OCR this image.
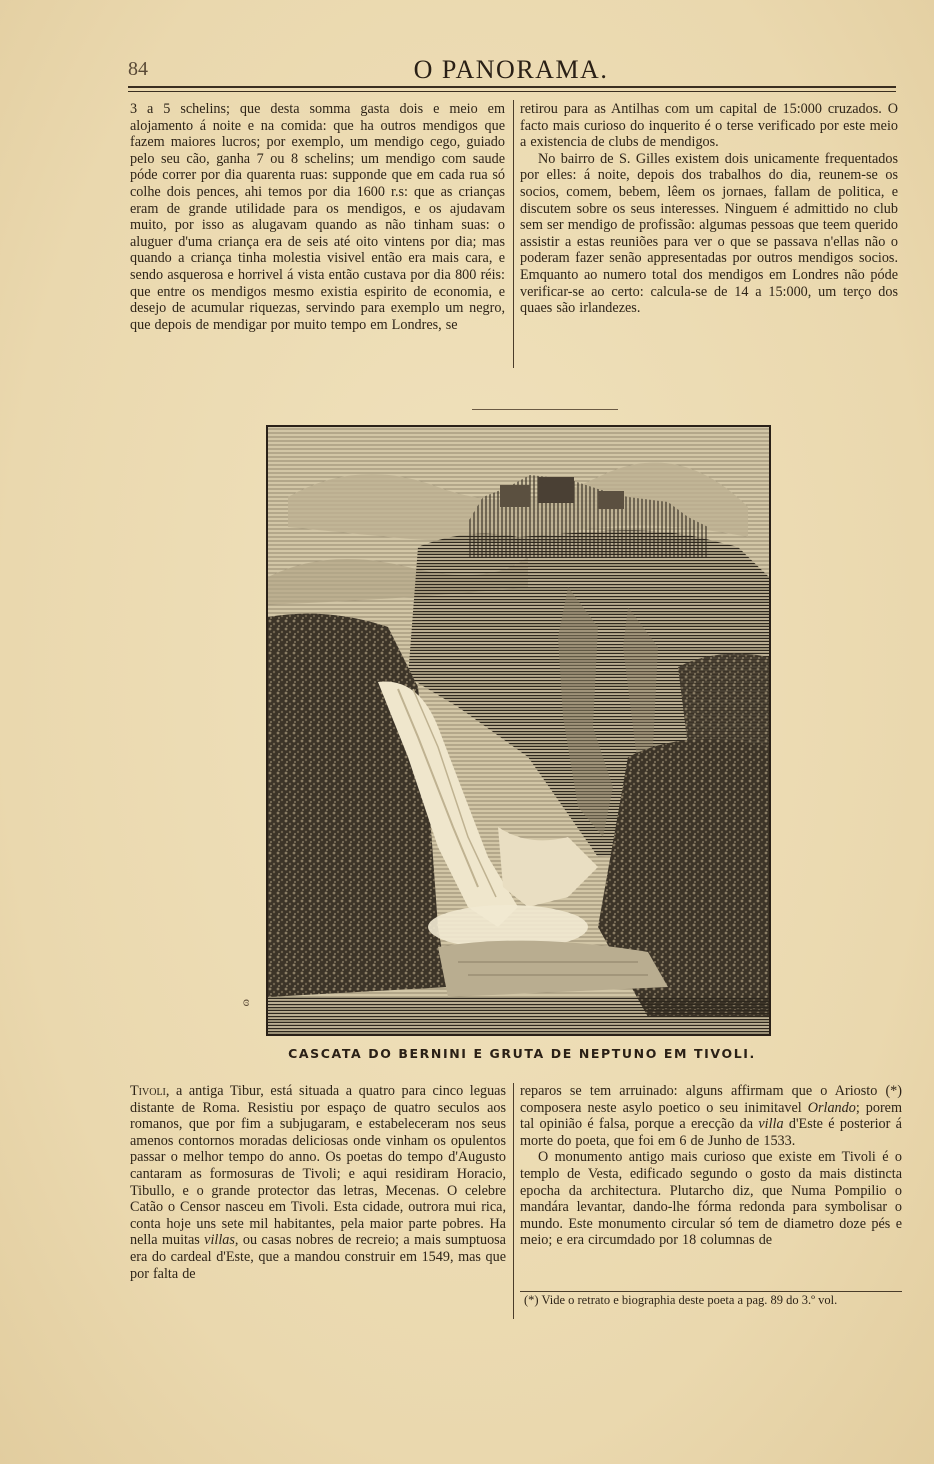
84	O PANORAMA.

3 a 5 schelins; que desta somma gasta dois e meio em alojamento á noite e na comida: que ha outros mendigos que fazem maiores lucros; por exemplo, um mendigo cego, guiado pelo seu cão, ganha 7 ou 8 schelins; um mendigo com saude póde correr por dia quarenta ruas: supponde que em cada rua só colhe dois pences, ahi temos por dia 1600 r.s: que as crianças eram de grande utilidade para os mendigos, e os ajudavam muito, por isso as alugavam quando as não tinham suas: o aluguer d'uma criança era de seis até oito vintens por dia; mas quando a criança tinha molestia visivel então era mais cara, e sendo asquerosa e horrivel á vista então custava por dia 800 réis: que entre os mendigos mesmo existia espirito de economia, e desejo de acumular riquezas, servindo para exemplo um negro, que depois de mendigar por muito tempo em Londres, se

retirou para as Antilhas com um capital de 15:000 cruzados. O facto mais curioso do inquerito é o terse verificado por este meio a existencia de clubs de mendigos.

No bairro de S. Gilles existem dois unicamente frequentados por elles: á noite, depois dos trabalhos do dia, reunem-se os socios, comem, bebem, lêem os jornaes, fallam de politica, e discutem sobre os seus interesses. Ninguem é admittido no club sem ser mendigo de profissão: algumas pessoas que teem querido assistir a estas reuniões para ver o que se passava n'ellas não o poderam fazer senão appresentadas por outros mendigos socios. Emquanto ao numero total dos mendigos em Londres não póde verificar-se ao certo: calcula-se de 14 a 15:000, um terço dos quaes são irlandezes.

ɞ
CASCATA DO BERNINI E GRUTA DE NEPTUNO EM TIVOLI.

Tivoli, a antiga Tibur, está situada a quatro para cinco leguas distante de Roma. Resistiu por espaço de quatro seculos aos romanos, que por fim a subjugaram, e estabeleceram nos seus amenos contornos moradas deliciosas onde vinham os opulentos passar o melhor tempo do anno. Os poetas do tempo d'Augusto cantaram as formosuras de Tivoli; e aqui residiram Horacio, Tibullo, e o grande protector das letras, Mecenas. O celebre Catão o Censor nasceu em Tivoli. Esta cidade, outrora mui rica, conta hoje uns sete mil habitantes, pela maior parte pobres. Ha nella muitas villas, ou casas nobres de recreio; a mais sumptuosa era do cardeal d'Este, que a mandou construir em 1549, mas que por falta de

reparos se tem arruinado: alguns affirmam que o Ariosto (*) composera neste asylo poetico o seu inimitavel Orlando; porem tal opinião é falsa, porque a erecção da villa d'Este é posterior á morte do poeta, que foi em 6 de Junho de 1533.

O monumento antigo mais curioso que existe em Tivoli é o templo de Vesta, edificado segundo o gosto da mais distincta epocha da architectura. Plutarcho diz, que Numa Pompilio o mandára levantar, dando-lhe fórma redonda para symbolisar o mundo. Este monumento circular só tem de diametro doze pés e meio; e era circumdado por 18 columnas de

(*) Vide o retrato e biographia deste poeta a pag. 89 do 3.º vol.
